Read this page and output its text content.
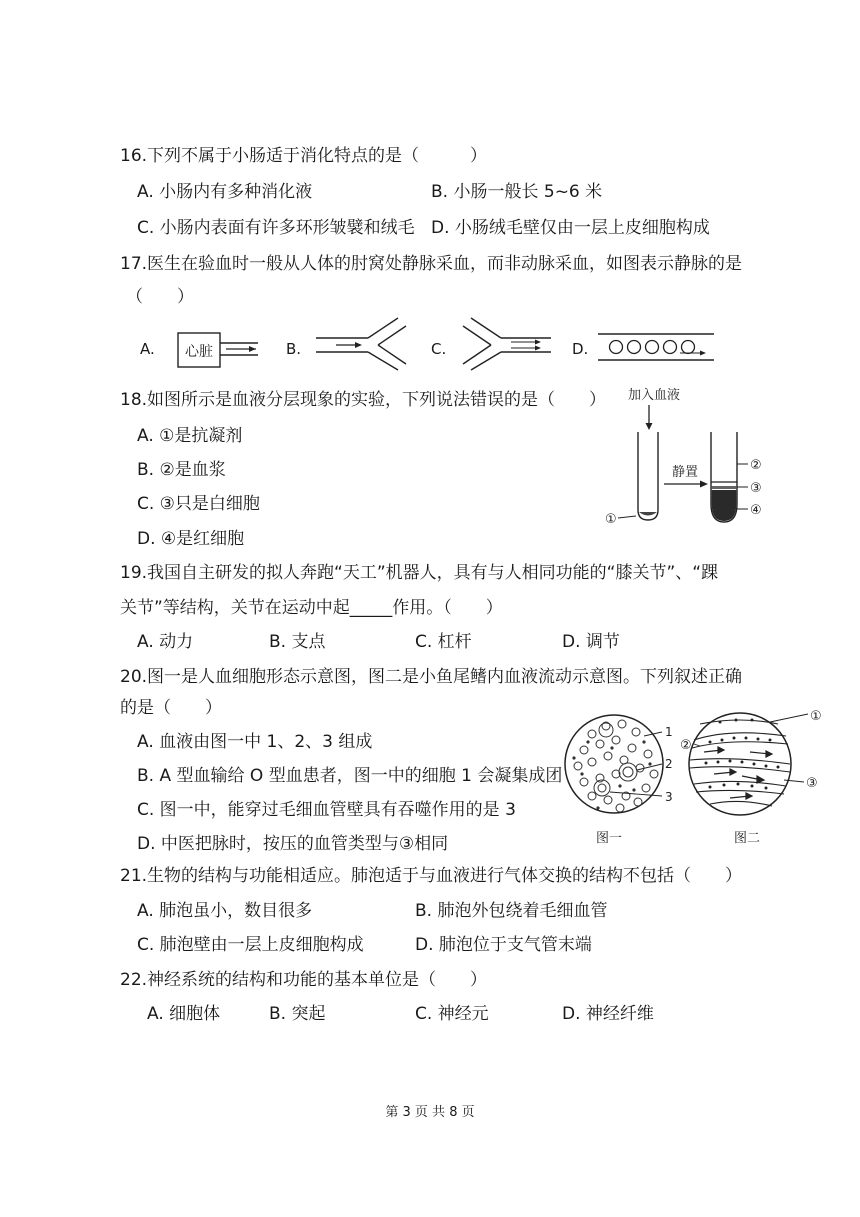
16.下列不属于小肠适于消化特点的是（　　　）
A. 小肠内有多种消化液	B. 小肠一般长 5~6 米
C. 小肠内表面有许多环形皱襞和绒毛 D. 小肠绒毛壁仅由一层上皮细胞构成
17.医生在验血时一般从人体的肘窝处静脉采血，而非动脉采血，如图表示静脉的是
（　　）
A. 心脏	B.	C.	D.
18.如图所示是血液分层现象的实验，下列说法错误的是（　　）
A. ①是抗凝剂
B. ②是血浆
C. ③只是白细胞
D. ④是红细胞
加入血液
①
静置	②
③
④
19.我国自主研发的拟人奔跑“天工”机器人，具有与人相同功能的“膝关节”、“踝
关节”等结构，关节在运动中起_____作用。（　　）
A. 动力	B. 支点	C. 杠杆	D. 调节
20.图一是人血细胞形态示意图，图二是小鱼尾鳍内血液流动示意图。下列叙述正确
的是（　　）
A. 血液由图一中 1、2、3 组成
B. A 型血输给 O 型血患者，图一中的细胞 1 会凝集成团
C. 图一中，能穿过毛细血管壁具有吞噬作用的是 3
D. 中医把脉时，按压的血管类型与③相同
1
2
3
图一
①
②
③
图二
21.生物的结构与功能相适应。肺泡适于与血液进行气体交换的结构不包括（　　）
A. 肺泡虽小，数目很多	B. 肺泡外包绕着毛细血管
C. 肺泡壁由一层上皮细胞构成	D. 肺泡位于支气管末端
22.神经系统的结构和功能的基本单位是（　　）
A. 细胞体	B. 突起	C. 神经元	D. 神经纤维
第 3 页 共 8 页
